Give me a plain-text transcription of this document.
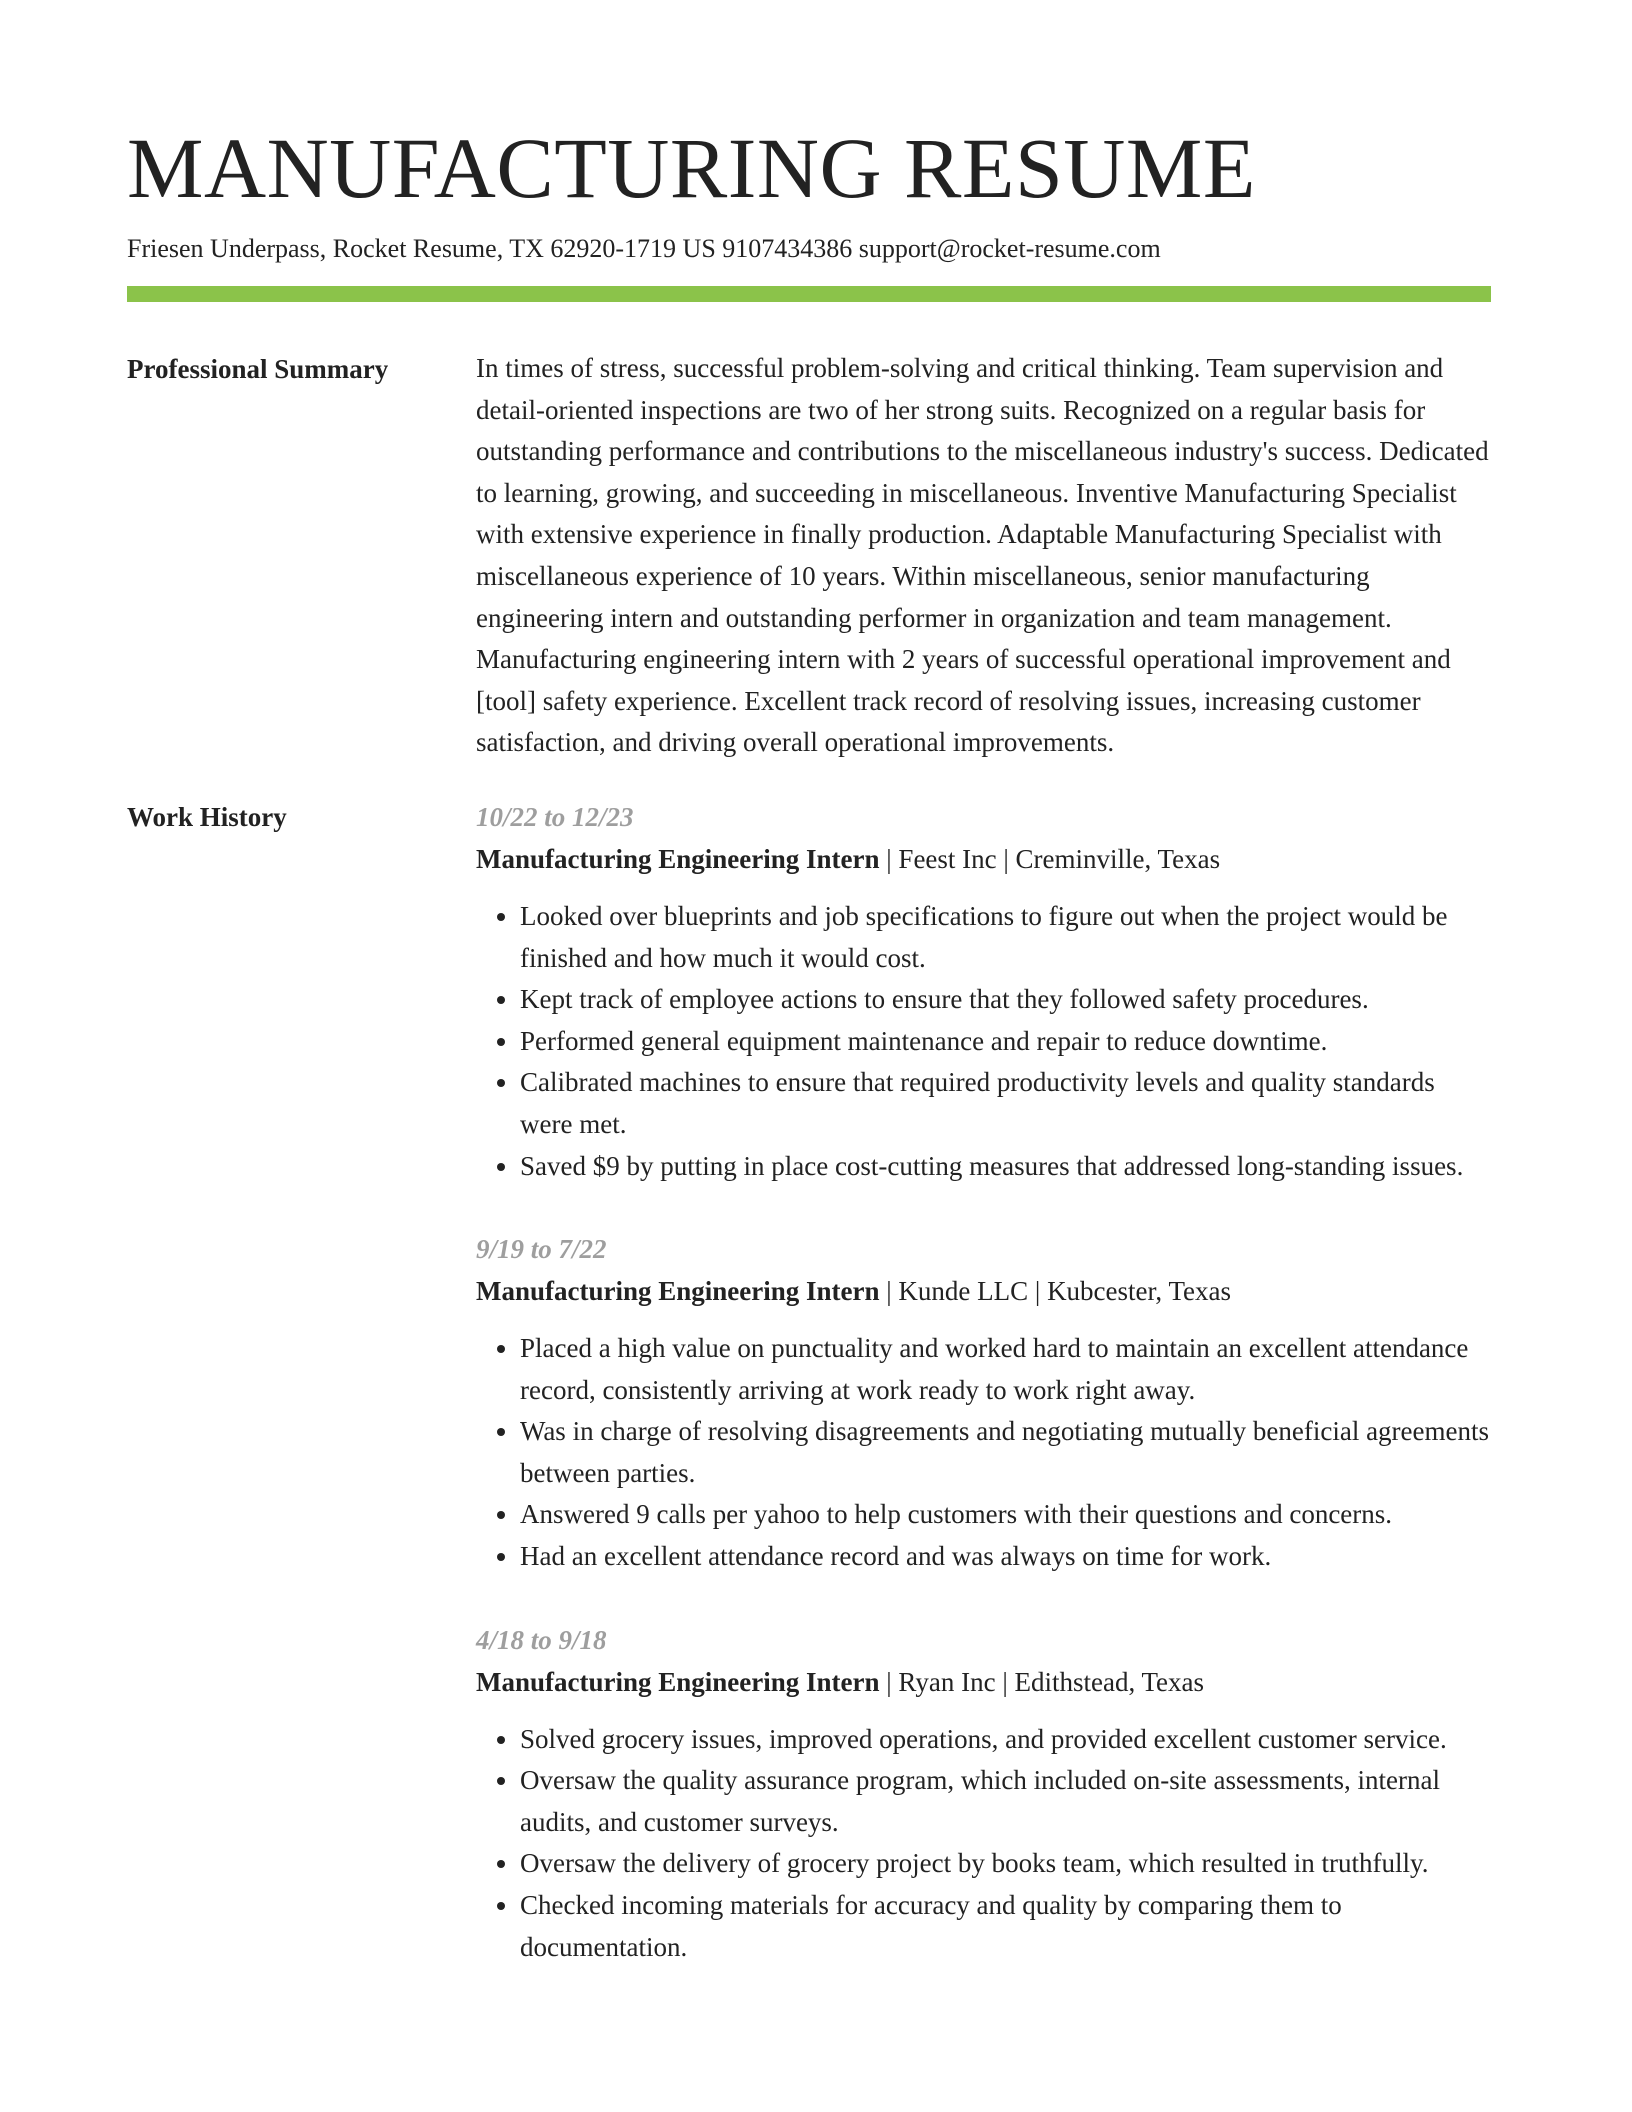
MANUFACTURING RESUME
Friesen Underpass, Rocket Resume, TX 62920-1719 US 9107434386 support@rocket-resume.com
Professional Summary	In times of stress, successful problem-solving and critical thinking. Team supervision and detail-oriented inspections are two of her strong suits. Recognized on a regular basis for outstanding performance and contributions to the miscellaneous industry's success. Dedicated to learning, growing, and succeeding in miscellaneous. Inventive Manufacturing Specialist with extensive experience in finally production. Adaptable Manufacturing Specialist with miscellaneous experience of 10 years. Within miscellaneous, senior manufacturing engineering intern and outstanding performer in organization and team management. Manufacturing engineering intern with 2 years of successful operational improvement and [tool] safety experience. Excellent track record of resolving issues, increasing customer satisfaction, and driving overall operational improvements.

Work History	10/22 to 12/23
Manufacturing Engineering Intern | Feest Inc | Creminville, Texas
• Looked over blueprints and job specifications to figure out when the project would be finished and how much it would cost.
• Kept track of employee actions to ensure that they followed safety procedures.
• Performed general equipment maintenance and repair to reduce downtime.
• Calibrated machines to ensure that required productivity levels and quality standards were met.
• Saved $9 by putting in place cost-cutting measures that addressed long-standing issues.
9/19 to 7/22
Manufacturing Engineering Intern | Kunde LLC | Kubcester, Texas
• Placed a high value on punctuality and worked hard to maintain an excellent attendance record, consistently arriving at work ready to work right away.
• Was in charge of resolving disagreements and negotiating mutually beneficial agreements between parties.
• Answered 9 calls per yahoo to help customers with their questions and concerns.
• Had an excellent attendance record and was always on time for work.
4/18 to 9/18
Manufacturing Engineering Intern | Ryan Inc | Edithstead, Texas
• Solved grocery issues, improved operations, and provided excellent customer service.
• Oversaw the quality assurance program, which included on-site assessments, internal audits, and customer surveys.
• Oversaw the delivery of grocery project by books team, which resulted in truthfully.
• Checked incoming materials for accuracy and quality by comparing them to documentation.
